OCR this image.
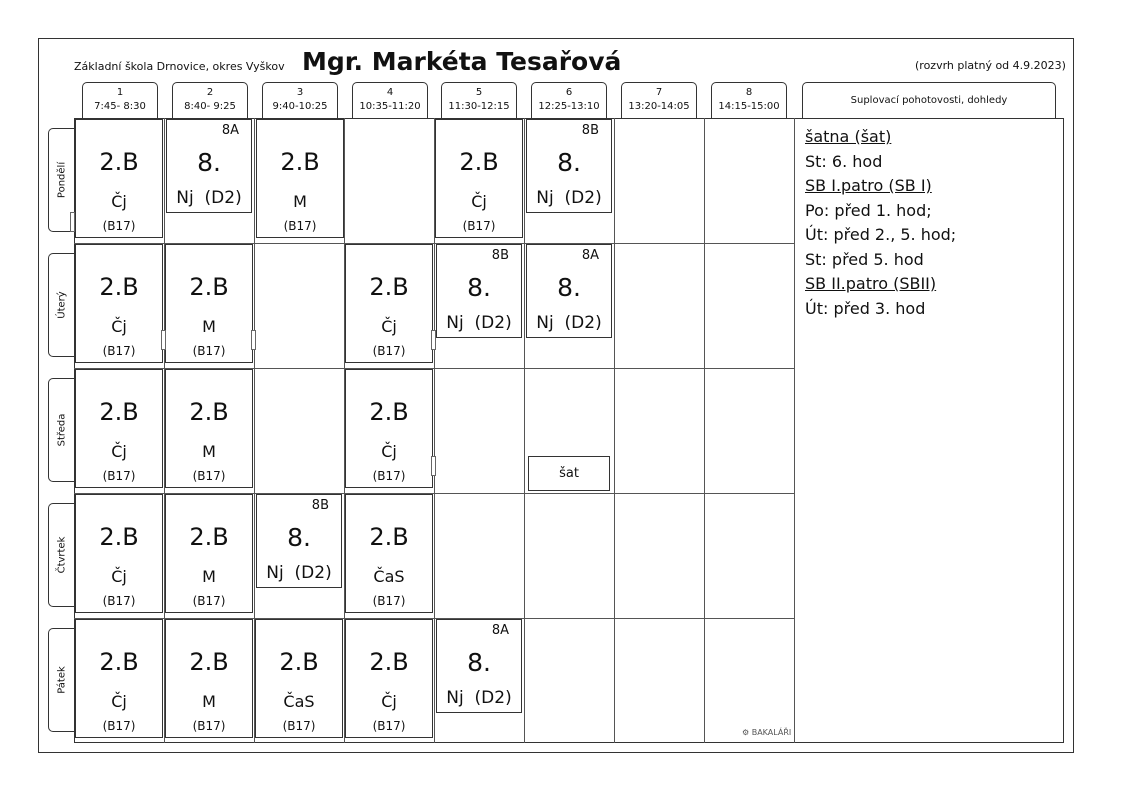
Základní škola Drnovice, okres Vyškov Mgr. Markéta Tesařová	(rozvrh platný od 4.9.2023)
1
7:45- 8:30
2
8:40- 9:25
3
9:40-10:25
4
10:35-11:20
5
11:30-12:15
6
12:25-13:10
7
13:20-14:05
8
14:15-15:00
Suplovací pohotovosti, dohledy
Pondělí
Úterý
Středa
Čtvrtek
Pátek
2.B
Čj
(B17)
8A
8.
Nj  (D2)
2.B
M
(B17)
2.B
Čj
(B17)
8B
8.
Nj  (D2)
2.B
Čj
(B17)
2.B
M
(B17)
2.B
Čj
(B17)
8B
8.
Nj  (D2)
8A
8.
Nj  (D2)
2.B
Čj
(B17)
2.B
M
(B17)
2.B
Čj
(B17)	šat
2.B
Čj
(B17)
2.B
M
(B17)
8B
8.
Nj  (D2)
2.B
ČaS
(B17)
2.B
Čj
(B17)
2.B
M
(B17)
2.B
ČaS
(B17)
2.B
Čj
(B17)
8A
8.
Nj  (D2)
šatna (šat)
St: 6. hod
SB I.patro (SB I)
Po: před 1. hod;
Út: před 2., 5. hod;
St: před 5. hod
SB II.patro (SBII)
Út: před 3. hod
⚙ BAKALÁŘI
